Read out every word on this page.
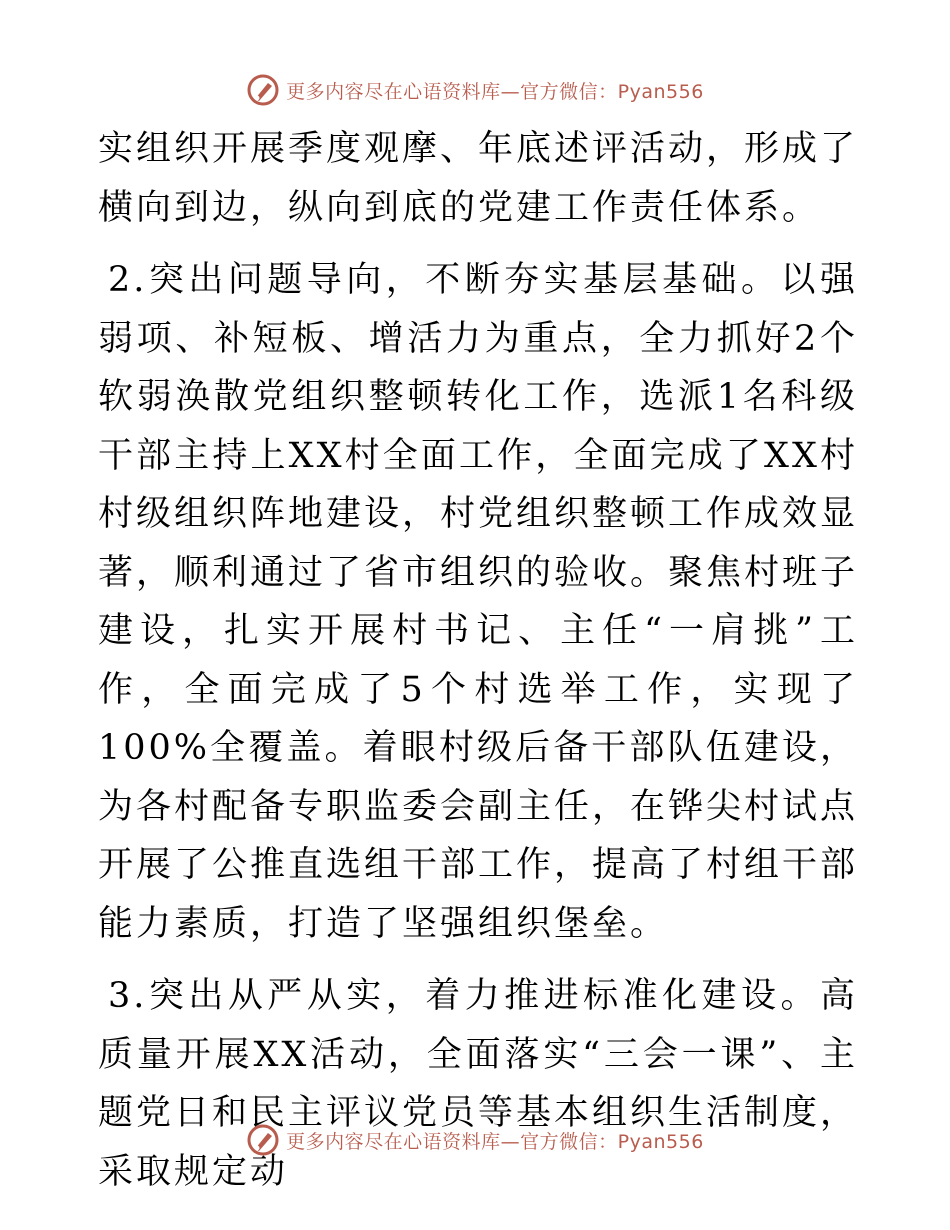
更多内容尽在心语资料库—官方微信：Pyan556

实组织开展季度观摩、年底述评活动，形成了横向到边，纵向到底的党建工作责任体系。

2.突出问题导向，不断夯实基层基础。以强弱项、补短板、增活力为重点，全力抓好2个软弱涣散党组织整顿转化工作，选派1名科级干部主持上XX村全面工作，全面完成了XX村村级组织阵地建设，村党组织整顿工作成效显著，顺利通过了省市组织的验收。聚焦村班子建设，扎实开展村书记、主任“一肩挑”工作，全面完成了5个村选举工作，实现了100%全覆盖。着眼村级后备干部队伍建设，为各村配备专职监委会副主任，在铧尖村试点开展了公推直选组干部工作，提高了村组干部能力素质，打造了坚强组织堡垒。

3.突出从严从实，着力推进标准化建设。高质量开展XX活动，全面落实“三会一课”、主题党日和民主评议党员等基本组织生活制度，采取规定动

更多内容尽在心语资料库—官方微信：Pyan556
